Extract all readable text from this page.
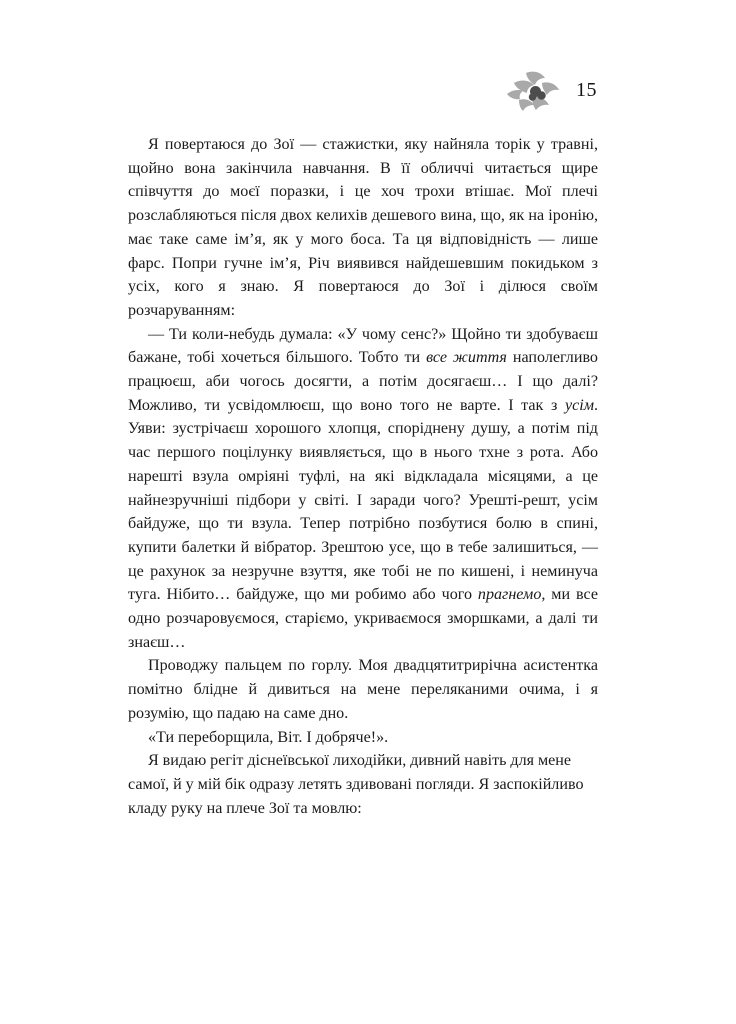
15

Я повертаюся до Зої — стажистки, яку найняла торік у травні, щойно вона закінчила навчання. В її обличчі читається щире співчуття до моєї поразки, і це хоч трохи втішає. Мої плечі розслабляються після двох келихів дешевого вина, що, як на іронію, має таке саме ім’я, як у мого боса. Та ця відповідність — лише фарс. Попри гучне ім’я, Річ виявився найдешевшим покидьком з усіх, кого я знаю. Я повертаюся до Зої і ділюся своїм розчаруванням:

— Ти коли-небудь думала: «У чому сенс?» Щойно ти здобуваєш бажане, тобі хочеться більшого. Тобто ти все життя наполегливо працюєш, аби чогось досягти, а потім досягаєш… І що далі? Можливо, ти усвідомлюєш, що воно того не варте. І так з усім. Уяви: зустрічаєш хорошого хлопця, споріднену душу, а потім під час першого поцілунку виявляється, що в нього тхне з рота. Або нарешті взула омріяні туфлі, на які відкладала місяцями, а це найнезручніші підбори у світі. І заради чого? Урешті-решт, усім байдуже, що ти взула. Тепер потрібно позбутися болю в спині, купити балетки й вібратор. Зрештою усе, що в тебе залишиться, — це рахунок за незручне взуття, яке тобі не по кишені, і неминуча туга. Нібито… байдуже, що ми робимо або чого прагнемо, ми все одно розчаровуємося, старіємо, укриваємося зморшками, а далі ти знаєш…

Проводжу пальцем по горлу. Моя двадцятитрирічна асистентка помітно блідне й дивиться на мене переляканими очима, і я розумію, що падаю на саме дно.

«Ти переборщила, Віт. І добряче!».

Я видаю регіт діснеївської лиходійки, дивний навіть для мене самої, й у мій бік одразу летять здивовані погляди. Я заспокійливо кладу руку на плече Зої та мовлю:
